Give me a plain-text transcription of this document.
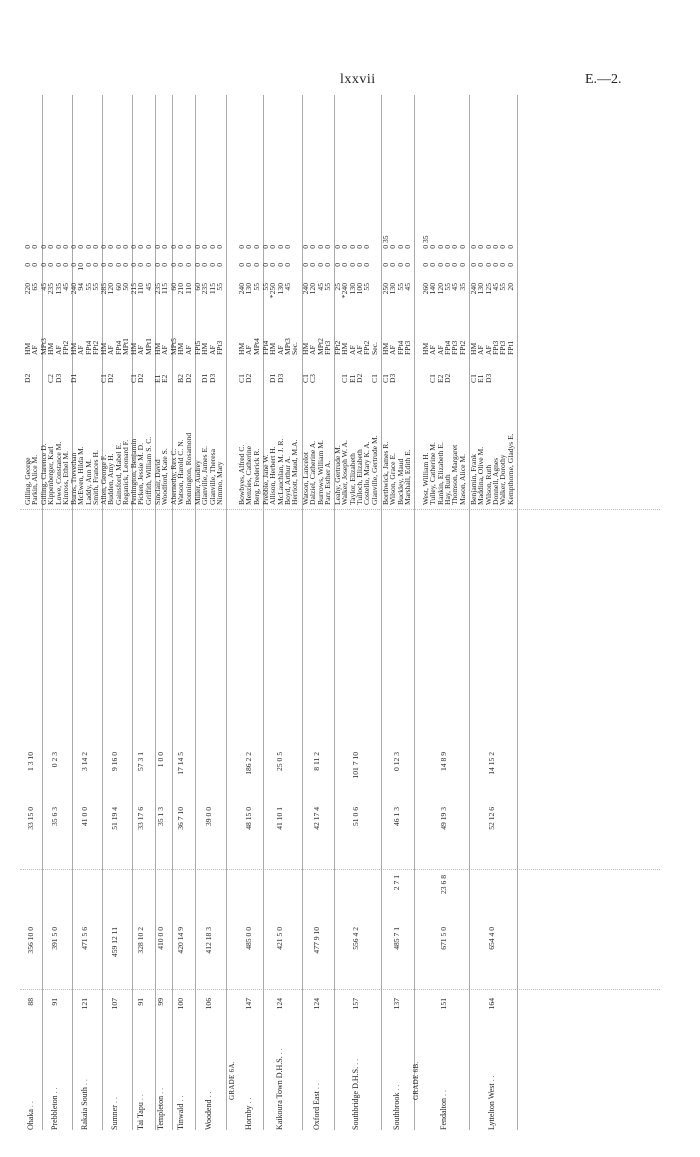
lxxvii	E.—2.
Ohaka . .
88
356 10 0
33 15 0
1 3 10
Gilling, George
D2
HM
220
0
0
Parkin, Alice M.
AF
65
0
0
Prebbleton . .
91
391 5 0
35 6 3
0 2 3
Gilling, Clarence D.
MPt3
45
0
0
Kippenberger, Karl
C2
HM
235
0
0
Lowe, Constance M.
D3
AF
135
0
0
Kinross, Ethel M.
FPt2
45
0
0
Rakaia South . .
121
471 5 6
41 0 0
3 14 2
Burns, Trevethan
D1
HM
240
0
0
McEwen, Hilda M.
AF
94
10
0
Laddy, Ann M.
FPt4
55
0
0
Smith, Frances H.
FPt2
55
0
0
Sumner . .
107
459 12 11
51 19 4
9 16 0
Allen, George F.
C1
HM
285
0
0
Budden, Amy H.
D2
AF
120
0
0
Gainsford, Mabel E.
FPt4
60
0
0
Reganick, Leonard F.
MPt1
50
0
0
Tai Tapu . .
91
328 10 2
33 17 6
57 3 1
Penlington, Benjamin
C1
HM
215
0
0
Picken, Jessie M. D.
D2
AF
110
0
0
Griffith, William S. C.
MPt1
45
0
0
Templeton . .
99
410 0 0
35 1 3
1 0 0
Sinclair, David
E1
HM
235
0
0
Woodford, Kate S.
E2
AF
115
0
0
Tinwald . .
100
420 14 9
36 7 10
17 14 5
Abernethy, Rex C.
MPt5
60
0
0
Watson, Harold C. N.
B2
HM
210
0
0
Bonnington, Rosamond
D2
AF
110
0
0
Woodend . .
106
412 18 3
39 0 0
Miller, Audrey
FPt5
60
0
0
Glanville, James E.
D1
HM
235
0
0
Glanville, Theresa
D3
AF
115
0
0
Nimmo, Mary
FPt3
55
0
0
GRADE 6A.
Hornby . .
147
485 0 0
48 15 0
186 2 2
Bowbyes, Alfred C.
C1
HM
240
0
0
Menzies, Catherine
D2
AF
130
0
0
Berg, Frederick R.
MPt4
55
0
0
Kaikoura Town D.H.S. . .
124
421 5 0
41 10 1
25 0 5
Prebble, Jane W.
FPt4
55
0
0
Allison, Herbert H.
D1
HM
*250
0
0
McLauchlan, M. J. R.
D3
AF
130
0
0
Boyd, Arthur A.
MPt3
45
0
0
Herriott, Maud, M.A.
Sec.
Oxford East . .
124
477 9 10
42 17 4
8 11 2
Watson, Lancelot
C1
HM
240
0
0
Dalziel, Catherine A.
C3
AF
120
0
0
Burrows, William M.
MPt2
45
0
0
Parr, Esther A.
FPt3
55
0
0
Southbridge D.H.S. . .
157
556 4 2
51 0 6
101 7 10
Leahy, Gertrude M.
FPt2
25
0
0
Walker, Joseph W. A.
C1
HM
*240
0
0
Taylor, Elizabeth
E1
AF
130
0
0
Tulloch, Elizabeth
D2
AF
100
0
0
Costello, Mary K. A.
FPt2
55
0
0
Glanville, Gertrude M.
C1
Sec.
Southbrook . .
137
485 7 1
2 7 1
46 1 3
0 12 3
Borthwick, James R.
C1
HM
250
0
0
35
Wilson, Grace E.
D3
AF
130
0
0
Buckley, Maud
FPt4
55
0
0
Marshall, Edith E.
FPt3
45
0
0
GRADE 6B.
Fendalton . .
151
671 5 0
23 6 8
49 19 3
14 8 9
West, William H.
HM
260
0
0
35
Tulley, Catherine M.
C1
AF
140
0
0
Rankin, Elizabeth E.
E2
AF
120
0
0
Hay, Ruth
D2
FPt4
55
0
0
Thomson, Margaret
FPt3
45
0
0
Mason, Alice M.
FPt2
35
0
0
Lyttelton West . .
164
654 4 0
52 12 6
14 15 2
Benjamin, Frank
C1
HM
240
0
0
Maddina, Olive M.
E1
AF
130
0
0
Wilson, Ruth
D3
AF
125
0
0
Donnell, Agnes
FPt3
45
0
0
Walker, Dorothy
FPt3
55
0
0
Kempthorne, Gladys E.
FPt1
20
0
0
